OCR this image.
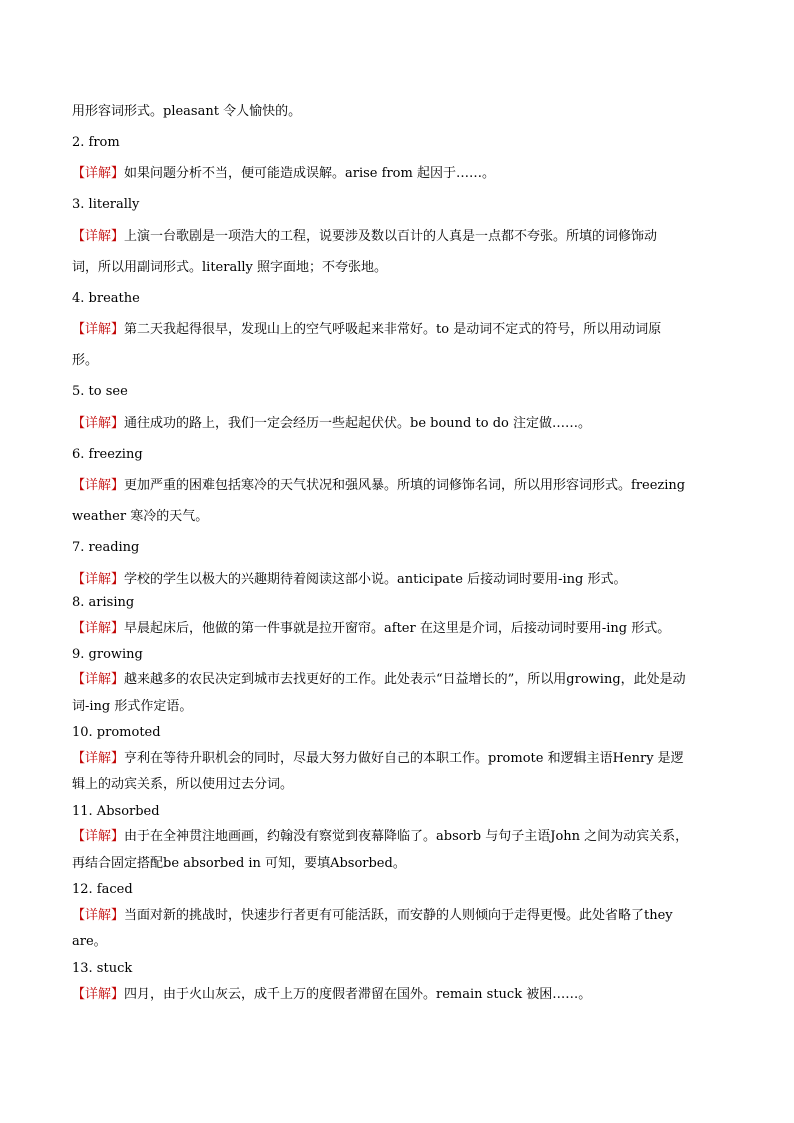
用形容词形式。pleasant 令人愉快的。
2. from
【详解】如果问题分析不当，便可能造成误解。arise from 起因于……。
3. literally
【详解】上演一台歌剧是一项浩大的工程，说要涉及数以百计的人真是一点都不夸张。所填的词修饰动
词，所以用副词形式。literally 照字面地；不夸张地。
4. breathe
【详解】第二天我起得很早，发现山上的空气呼吸起来非常好。to 是动词不定式的符号，所以用动词原
形。
5. to see
【详解】通往成功的路上，我们一定会经历一些起起伏伏。be bound to do 注定做……。
6. freezing
【详解】更加严重的困难包括寒冷的天气状况和强风暴。所填的词修饰名词，所以用形容词形式。freezing
weather 寒冷的天气。
7. reading
【详解】学校的学生以极大的兴趣期待着阅读这部小说。anticipate 后接动词时要用-ing 形式。
8. arising
【详解】早晨起床后，他做的第一件事就是拉开窗帘。after 在这里是介词，后接动词时要用-ing 形式。
9. growing
【详解】越来越多的农民决定到城市去找更好的工作。此处表示“日益增长的”，所以用growing，此处是动
词-ing 形式作定语。
10. promoted
【详解】亨利在等待升职机会的同时，尽最大努力做好自己的本职工作。promote 和逻辑主语Henry 是逻
辑上的动宾关系，所以使用过去分词。
11. Absorbed
【详解】由于在全神贯注地画画，约翰没有察觉到夜幕降临了。absorb 与句子主语John 之间为动宾关系，
再结合固定搭配be absorbed in 可知，要填Absorbed。
12. faced
【详解】当面对新的挑战时，快速步行者更有可能活跃，而安静的人则倾向于走得更慢。此处省略了they
are。
13. stuck
【详解】四月，由于火山灰云，成千上万的度假者滞留在国外。remain stuck 被困……。
